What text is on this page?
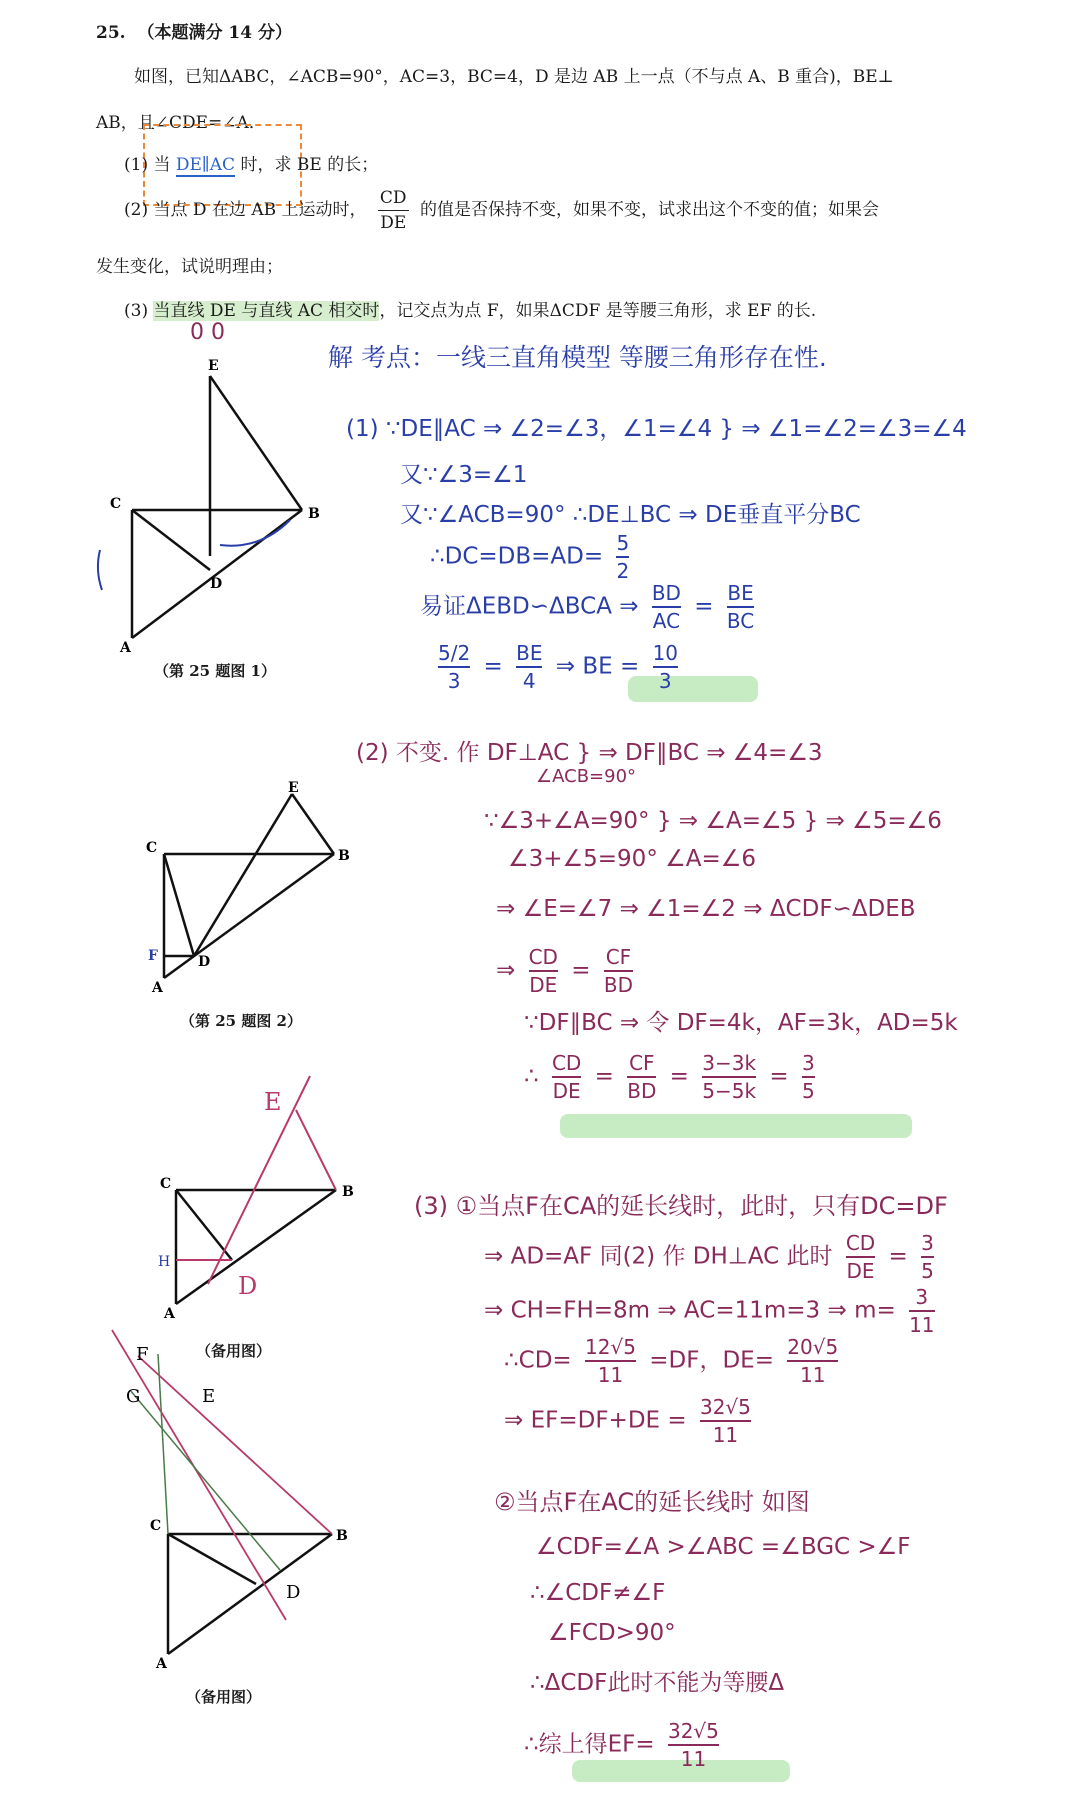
25. （本题满分 14 分）
如图，已知ΔABC，∠ACB=90°，AC=3，BC=4，D 是边 AB 上一点（不与点 A、B 重合)，BE⊥
AB，且∠CDE=∠A．
(1) 当 DE∥AC 时，求 BE 的长；
(2) 当点 D 在边 AB 上运动时， $\frac{CD}{DE}$ 的值是否保持不变，如果不变，试求出这个不变的值；如果会
发生变化，试说明理由；
(3) 当直线 DE 与直线 AC 相交时，记交点为点 F，如果ΔCDF 是等腰三角形，求 EF 的长.
E
C
B
D
A
（第 25 题图 1）
E
C	B
D
F
A
（第 25 题图 2）
C	B
A
E
D
H
（备用图）
C
B
A
F
G	E
D
（备用图）
0 0
解 考点：一线三直角模型 等腰三角形存在性.
(1) ∵DE∥AC ⇒ ∠2=∠3，∠1=∠4 } ⇒ ∠1=∠2=∠3=∠4
又∵∠3=∠1
又∵∠ACB=90° ∴DE⊥BC ⇒ DE垂直平分BC
∴DC=DB=AD= $\frac{5}{2}$
易证ΔEBD∽ΔBCA ⇒ $\frac{BD}{AC} = \frac{BE}{BC}$
$\frac{5/2}{3} = \frac{BE}{4}$ ⇒ BE = $\frac{10}{3}$
(2) 不变. 作 DF⊥AC } ⇒ DF∥BC ⇒ ∠4=∠3
∠ACB=90°
∵∠3+∠A=90° } ⇒ ∠A=∠5 } ⇒ ∠5=∠6
∠3+∠5=90° ∠A=∠6
⇒ ∠E=∠7 ⇒ ∠1=∠2 ⇒ ΔCDF∽ΔDEB
⇒ $\frac{CD}{DE} = \frac{CF}{BD}$
∵DF∥BC ⇒ 令 DF=4k，AF=3k，AD=5k
∴ $\frac{CD}{DE} = \frac{CF}{BD} = \frac{3-3k}{5-5k} = \frac{3}{5}$
(3) ①当点F在CA的延长线时，此时，只有DC=DF
⇒ AD=AF 同(2) 作 DH⊥AC 此时 $\frac{CD}{DE} = \frac{3}{5}$
⇒ CH=FH=8m ⇒ AC=11m=3 ⇒ $m= \frac{3}{11}$
∴CD= $\frac{12√5}{11} =DF$，$DE= \frac{20√5}{11}$
⇒ $EF=DF+DE = \frac{32√5}{11}$
②当点F在AC的延长线时 如图
∠CDF=∠A >∠ABC =∠BGC >∠F
∴∠CDF≠∠F
∠FCD>90°
∴ΔCDF此时不能为等腰Δ
∴综上得$EF= \frac{32√5}{11}$
